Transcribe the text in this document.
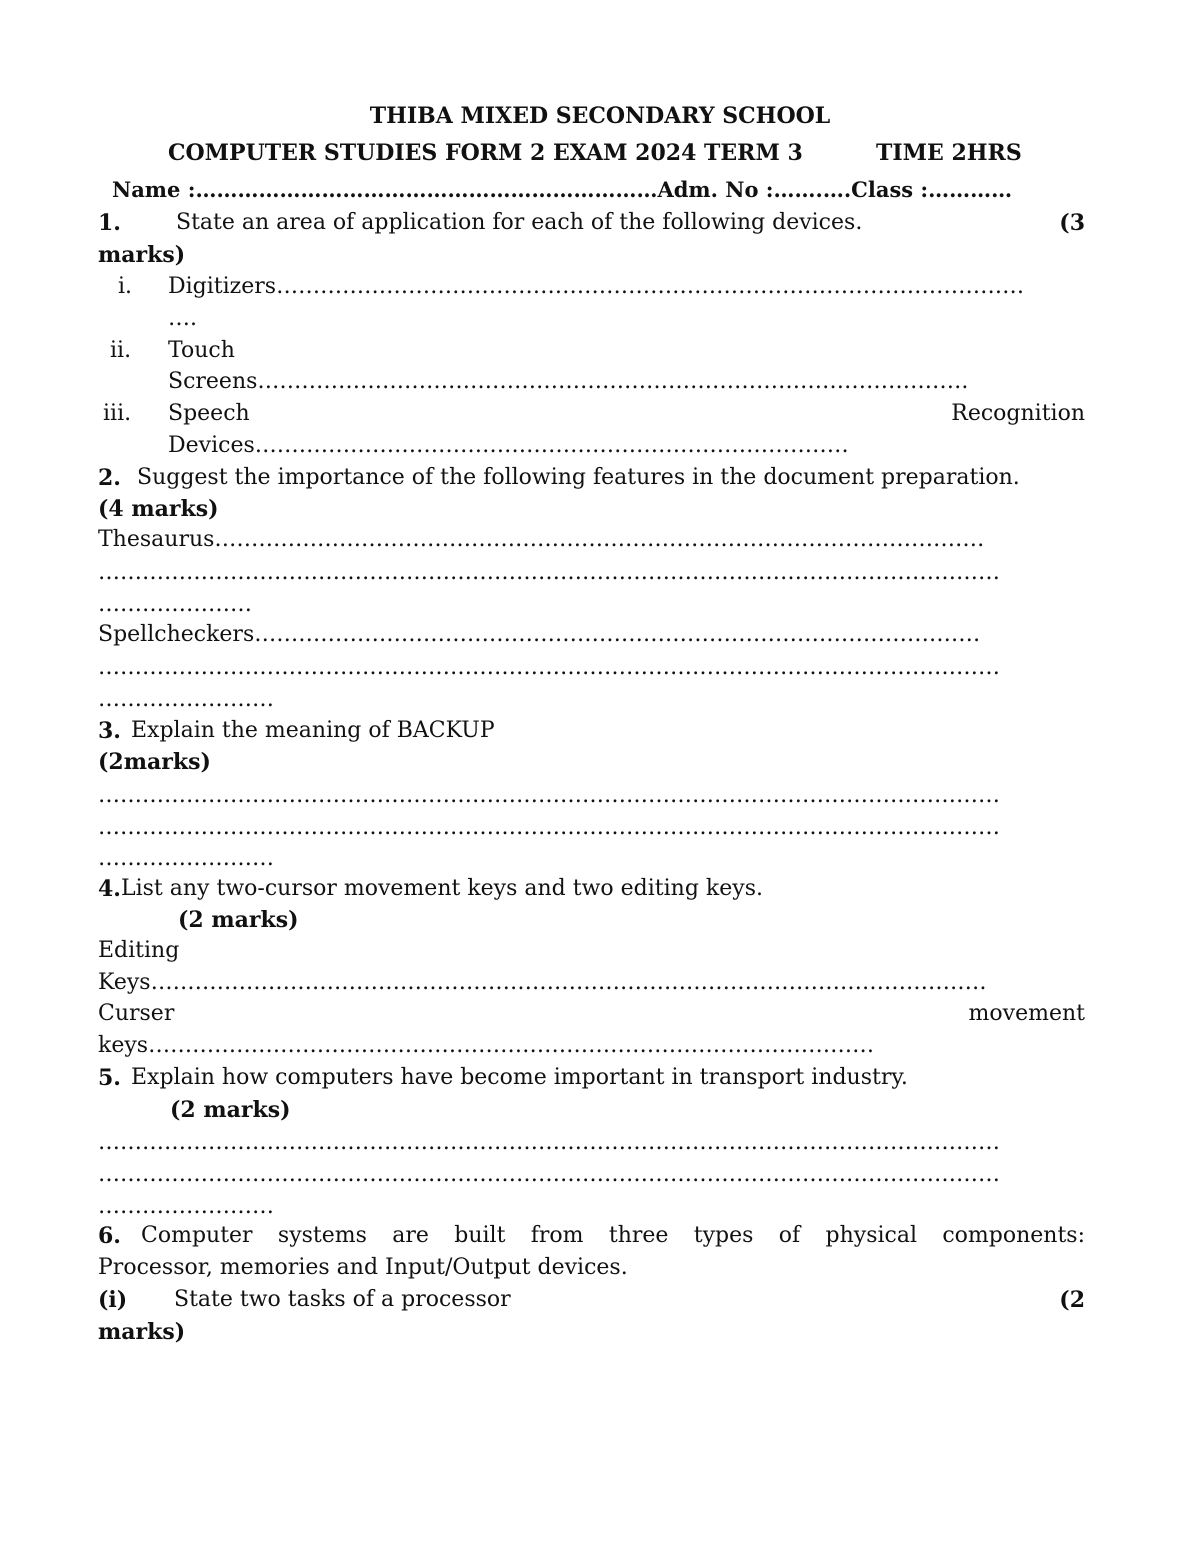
THIBA MIXED SECONDARY SCHOOL
COMPUTER STUDIES FORM 2 EXAM 2024 TERM 3	TIME 2HRS
Name :…………………………………………………………Adm. No :…….….Class :…………
1.	State an area of application for each of the following devices.	(3
marks)
i. Digitizers…………………………………………………………………………………………
….
ii. Touch
Screens…………………………………………………………………………………….
iii. Speech	Recognition
Devices………………………………………………………………………
2. Suggest the importance of the following features in the document preparation.
(4 marks)
Thesaurus……………………………………………………………………………………………
……………………………………………………………………………………………………………
…………………
Spellcheckers………………………………………………………………………………………
……………………………………………………………………………………………………………
……………………
3. Explain the meaning of BACKUP
(2marks)
……………………………………………………………………………………………………………
……………………………………………………………………………………………………………
……………………
4. List any two-cursor movement keys and two editing keys.
(2 marks)
Editing
Keys……………………………………………………………………………………………………
Curser	movement
keys………………………………………………………………………………………
5. Explain how computers have become important in transport industry.
(2 marks)
……………………………………………………………………………………………………………
……………………………………………………………………………………………………………
……………………
6. Computer systems are built from three types of physical components:
Processor, memories and Input/Output devices.
(i) State two tasks of a processor	(2
marks)
